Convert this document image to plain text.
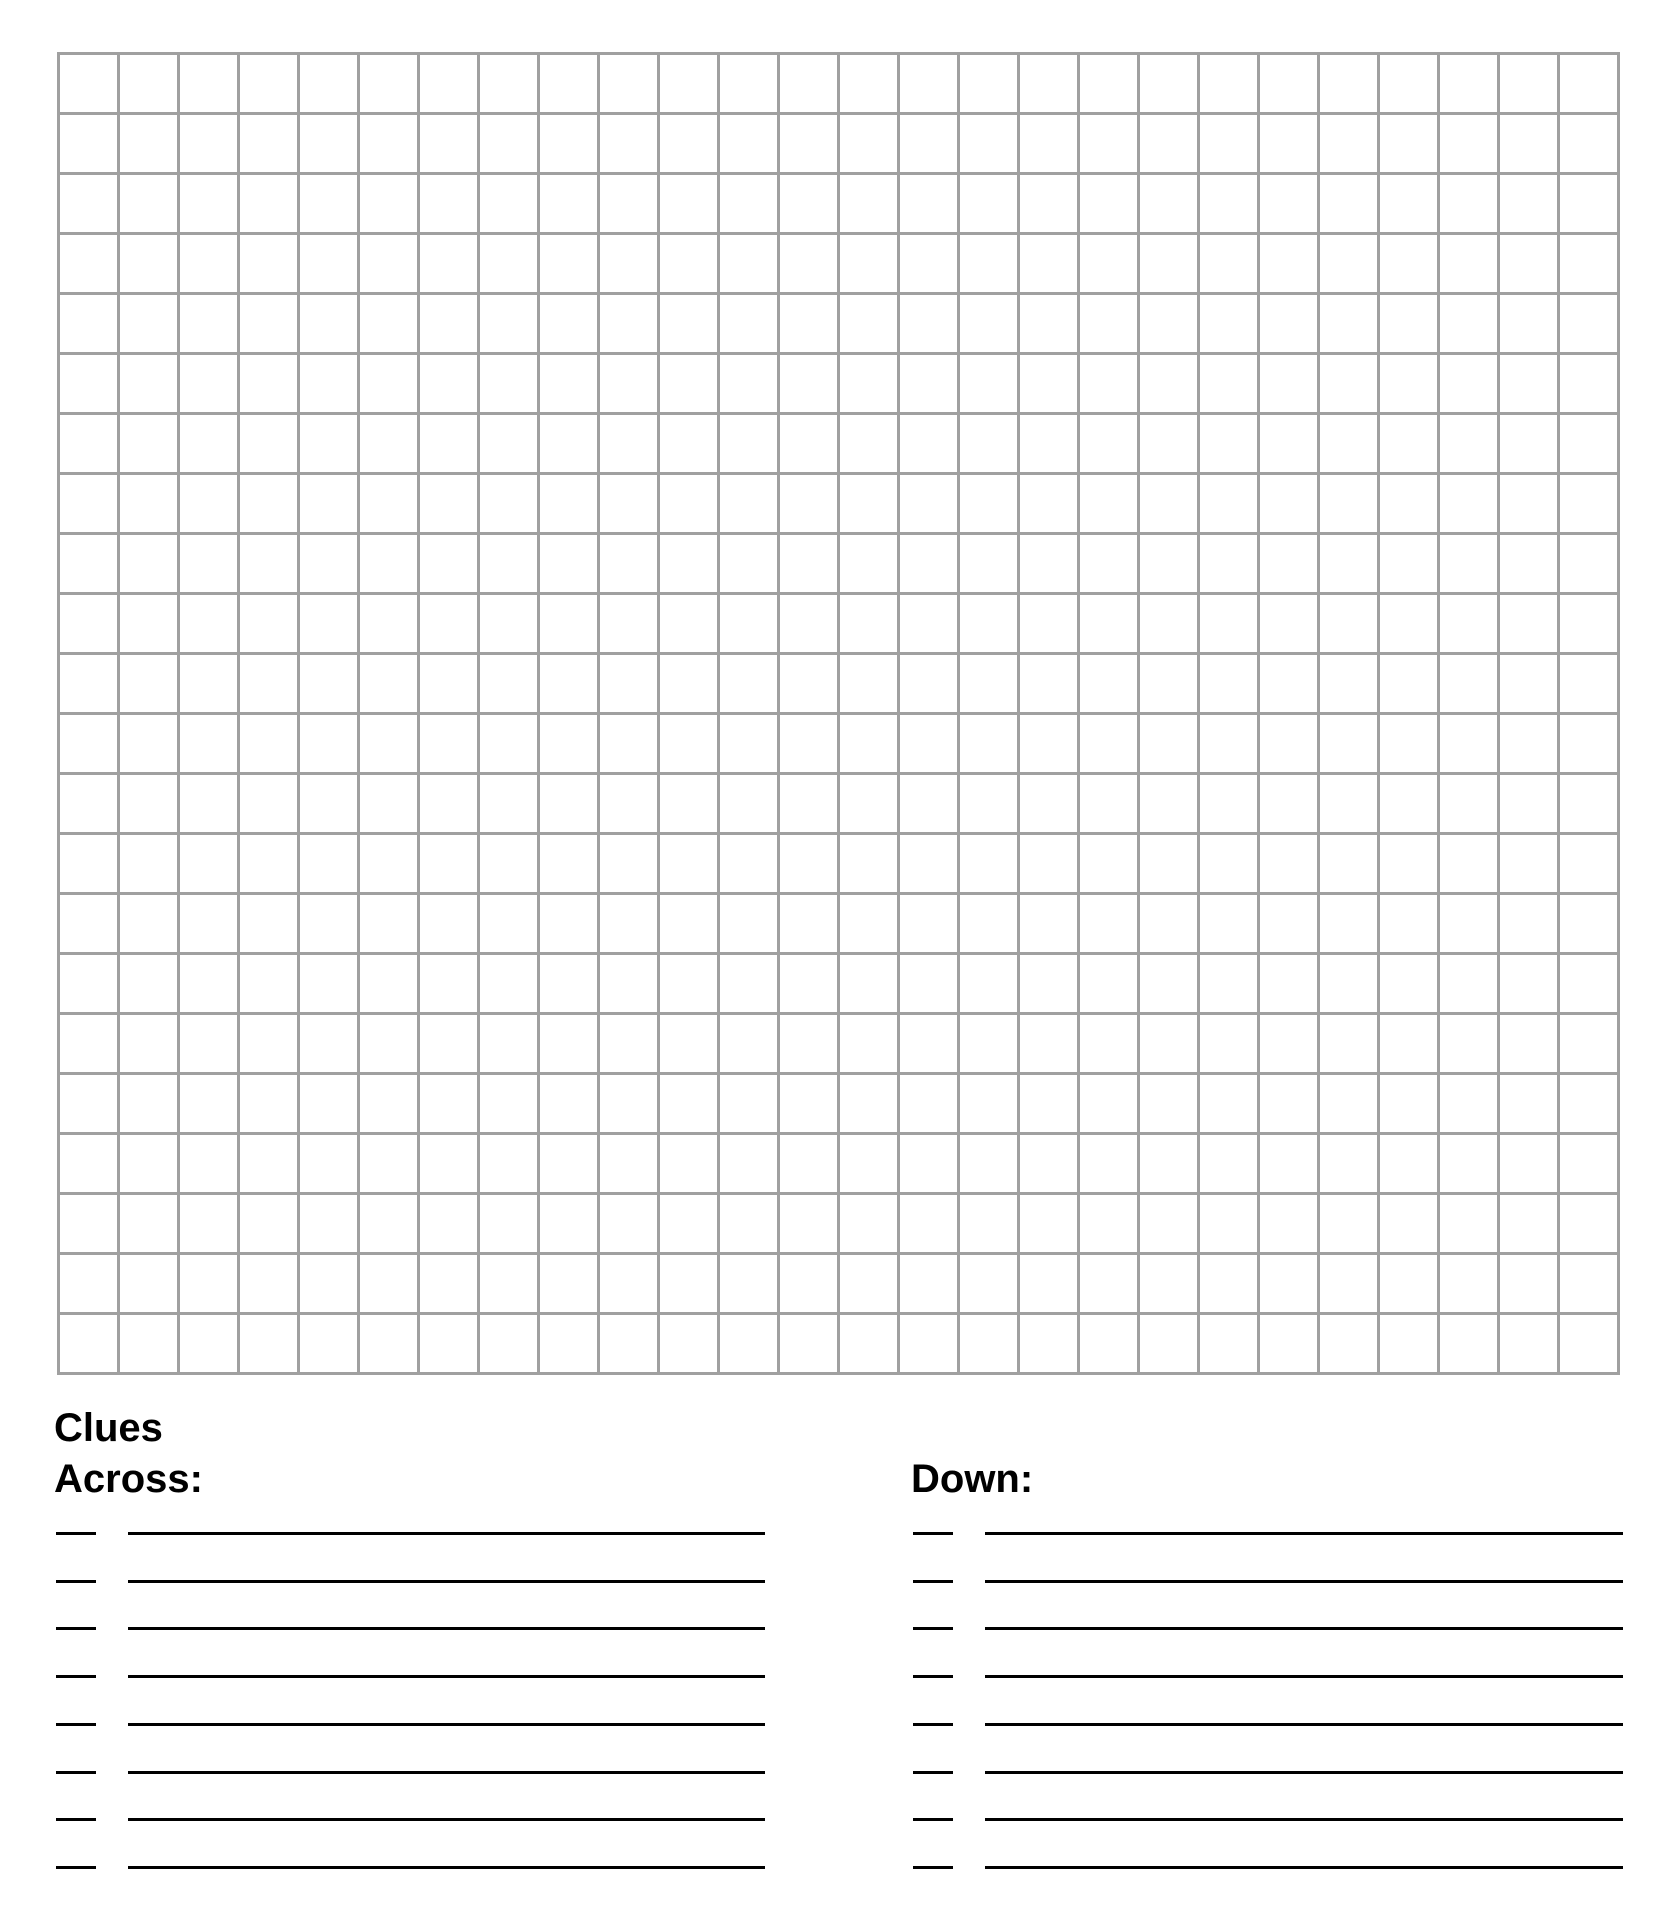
Clues
Across:	Down:
